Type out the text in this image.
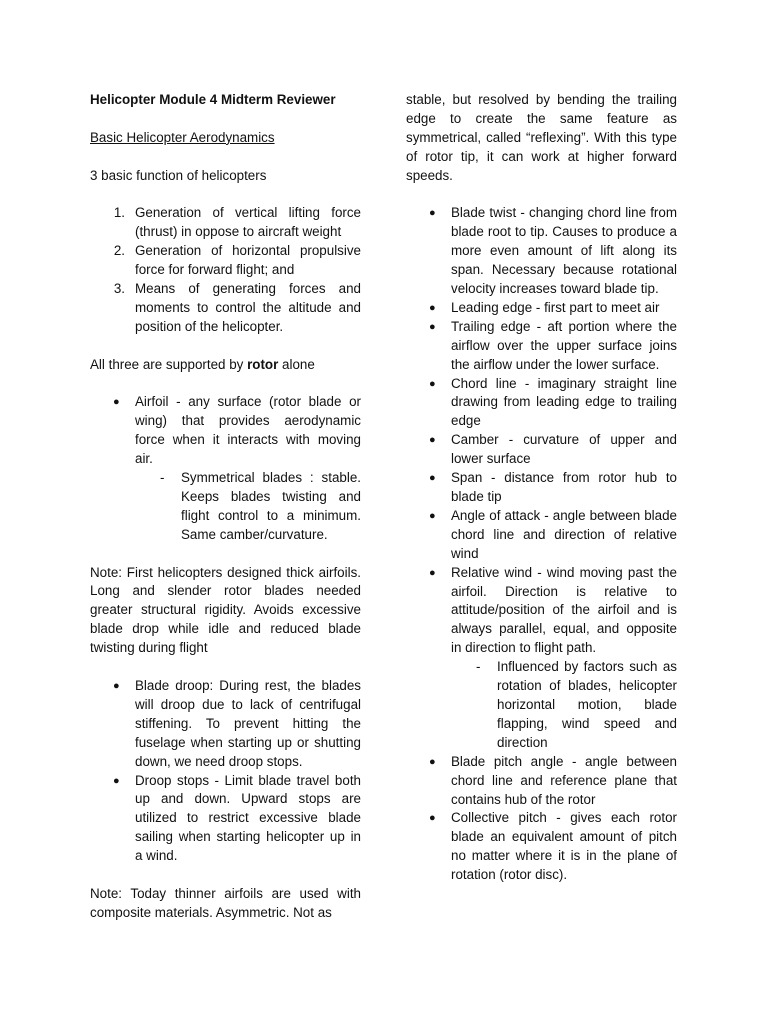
Helicopter Module 4 Midterm Reviewer

Basic Helicopter Aerodynamics

3 basic function of helicopters

1. Generation of vertical lifting force (thrust) in oppose to aircraft weight
2. Generation of horizontal propulsive force for forward flight; and
3. Means of generating forces and moments to control the altitude and position of the helicopter.

All three are supported by rotor alone

● Airfoil - any surface (rotor blade or wing) that provides aerodynamic force when it interacts with moving air.
- Symmetrical blades : stable. Keeps blades twisting and flight control to a minimum. Same camber/curvature.

Note: First helicopters designed thick airfoils. Long and slender rotor blades needed greater structural rigidity. Avoids excessive blade drop while idle and reduced blade twisting during flight

● Blade droop: During rest, the blades will droop due to lack of centrifugal stiffening. To prevent hitting the fuselage when starting up or shutting down, we need droop stops.
● Droop stops - Limit blade travel both up and down. Upward stops are utilized to restrict excessive blade sailing when starting helicopter up in a wind.

Note: Today thinner airfoils are used with composite materials. Asymmetric. Not as

stable, but resolved by bending the trailing edge to create the same feature as symmetrical, called “reflexing”. With this type of rotor tip, it can work at higher forward speeds.

● Blade twist - changing chord line from blade root to tip. Causes to produce a more even amount of lift along its span. Necessary because rotational velocity increases toward blade tip.
● Leading edge - first part to meet air
● Trailing edge - aft portion where the airflow over the upper surface joins the airflow under the lower surface.
● Chord line - imaginary straight line drawing from leading edge to trailing edge
● Camber - curvature of upper and lower surface
● Span - distance from rotor hub to blade tip
● Angle of attack - angle between blade chord line and direction of relative wind
● Relative wind - wind moving past the airfoil. Direction is relative to attitude/position of the airfoil and is always parallel, equal, and opposite in direction to flight path.
- Influenced by factors such as rotation of blades, helicopter horizontal motion, blade flapping, wind speed and direction
● Blade pitch angle - angle between chord line and reference plane that contains hub of the rotor
● Collective pitch - gives each rotor blade an equivalent amount of pitch no matter where it is in the plane of rotation (rotor disc).
